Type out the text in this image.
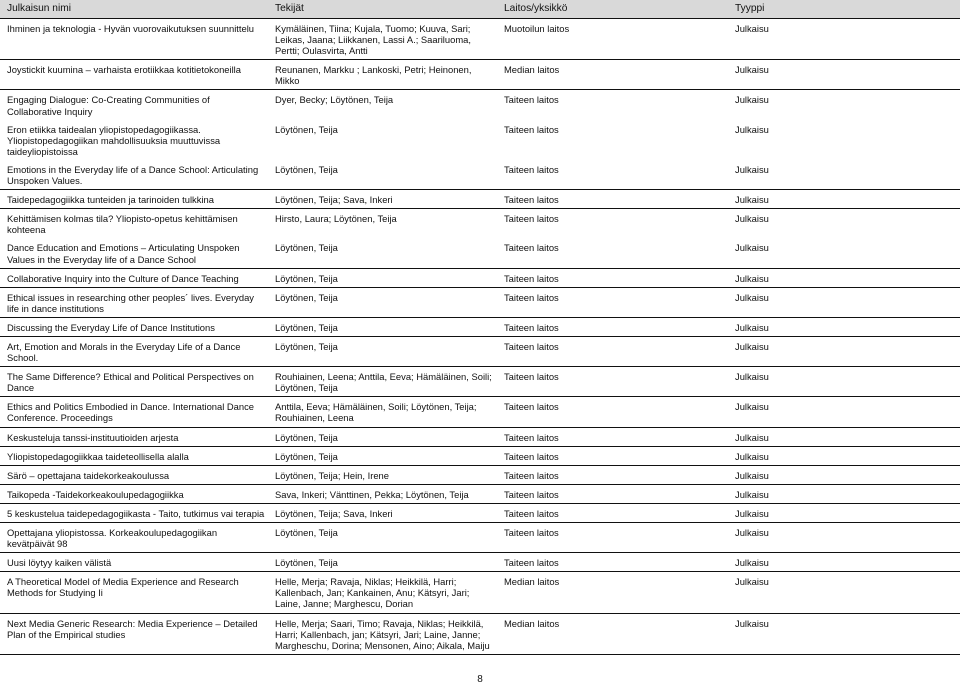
Julkaisun nimi	Tekijät	Laitos/yksikkö	Tyyppi
Ihminen ja teknologia - Hyvän vuorovaikutuksen suunnittelu	Kymäläinen, Tiina; Kujala, Tuomo; Kuuva, Sari; Leikas, Jaana; Liikkanen, Lassi A.; Saariluoma, Pertti; Oulasvirta, Antti	Muotoilun laitos	Julkaisu
Joystickit kuumina – varhaista erotiikkaa kotitietokoneilla	Reunanen, Markku ; Lankoski, Petri; Heinonen, Mikko	Median laitos	Julkaisu
Engaging Dialogue: Co-Creating Communities of Collaborative Inquiry	Dyer, Becky; Löytönen, Teija	Taiteen laitos	Julkaisu
Eron etiikka taidealan yliopistopedagogiikassa. Yliopistopedagogiikan mahdollisuuksia muuttuvissa taideyliopistoissa	Löytönen, Teija	Taiteen laitos	Julkaisu
Emotions in the Everyday life of a Dance School: Articulating Unspoken Values.	Löytönen, Teija	Taiteen laitos	Julkaisu
Taidepedagogiikka tunteiden ja tarinoiden tulkkina	Löytönen, Teija; Sava, Inkeri	Taiteen laitos	Julkaisu
Kehittämisen kolmas tila? Yliopisto-opetus kehittämisen kohteena	Hirsto, Laura; Löytönen, Teija	Taiteen laitos	Julkaisu
Dance Education and Emotions – Articulating Unspoken Values in the Everyday life of a Dance School	Löytönen, Teija	Taiteen laitos	Julkaisu
Collaborative Inquiry into the Culture of Dance Teaching	Löytönen, Teija	Taiteen laitos	Julkaisu
Ethical issues in researching other peoples´ lives. Everyday life in dance institutions	Löytönen, Teija	Taiteen laitos	Julkaisu
Discussing the Everyday Life of Dance Institutions	Löytönen, Teija	Taiteen laitos	Julkaisu
Art, Emotion and Morals in the Everyday Life of a Dance School.	Löytönen, Teija	Taiteen laitos	Julkaisu
The Same Difference? Ethical and Political Perspectives on Dance	Rouhiainen, Leena; Anttila, Eeva; Hämäläinen, Soili; Löytönen, Teija	Taiteen laitos	Julkaisu
Ethics and Politics Embodied in Dance. International Dance Conference. Proceedings	Anttila, Eeva; Hämäläinen, Soili; Löytönen, Teija; Rouhiainen, Leena	Taiteen laitos	Julkaisu
Keskusteluja tanssi-instituutioiden arjesta	Löytönen, Teija	Taiteen laitos	Julkaisu
Yliopistopedagogiikkaa taideteollisella alalla	Löytönen, Teija	Taiteen laitos	Julkaisu
Särö – opettajana taidekorkeakoulussa	Löytönen, Teija; Hein, Irene	Taiteen laitos	Julkaisu
Taikopeda -Taidekorkeakoulupedagogiikka	Sava, Inkeri; Vänttinen, Pekka; Löytönen, Teija	Taiteen laitos	Julkaisu
5 keskustelua taidepedagogiikasta - Taito, tutkimus vai terapia	Löytönen, Teija; Sava, Inkeri	Taiteen laitos	Julkaisu
Opettajana yliopistossa. Korkeakoulupedagogiikan kevätpäivät 98	Löytönen, Teija	Taiteen laitos	Julkaisu
Uusi löytyy kaiken välistä	Löytönen, Teija	Taiteen laitos	Julkaisu
A Theoretical Model of Media Experience and Research Methods for Studying Ii	Helle, Merja; Ravaja, Niklas; Heikkilä, Harri; Kallenbach, Jan; Kankainen, Anu; Kätsyri, Jari; Laine, Janne; Marghescu, Dorian	Median laitos	Julkaisu
Next Media Generic Research: Media Experience – Detailed Plan of the Empirical studies	Helle, Merja; Saari, Timo; Ravaja, Niklas; Heikkilä, Harri; Kallenbach, jan; Kätsyri, Jari; Laine, Janne; Margheschu, Dorina; Mensonen, Aino; Aikala, Maiju	Median laitos	Julkaisu
8
